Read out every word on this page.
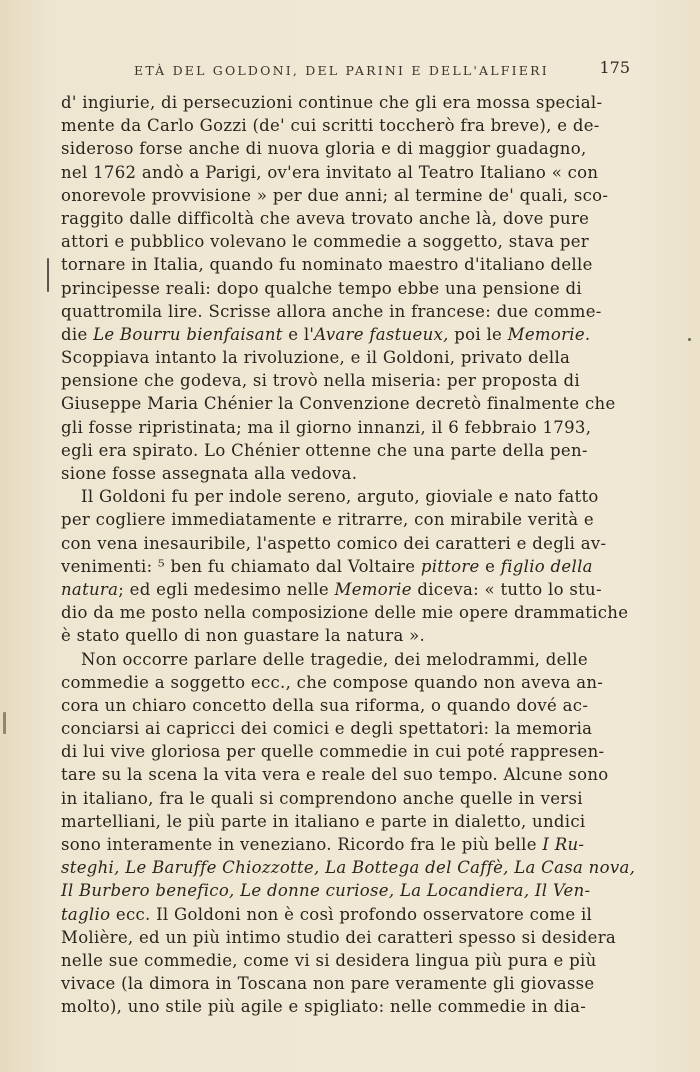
ETÀ DEL GOLDONI, DEL PARINI E DELL'ALFIERI	175
d' ingiurie, di persecuzioni continue che gli era mossa special-
mente da Carlo Gozzi (de' cui scritti toccherò fra breve), e de-
sideroso forse anche di nuova gloria e di maggior guadagno,
nel 1762 andò a Parigi, ov'era invitato al Teatro Italiano « con
onorevole provvisione » per due anni; al termine de' quali, sco-
raggito dalle difficoltà che aveva trovato anche là, dove pure
attori e pubblico volevano le commedie a soggetto, stava per
tornare in Italia, quando fu nominato maestro d'italiano delle
principesse reali: dopo qualche tempo ebbe una pensione di
quattromila lire. Scrisse allora anche in francese: due comme-
die Le Bourru bienfaisant e l'Avare fastueux, poi le Memorie.
Scoppiava intanto la rivoluzione, e il Goldoni, privato della
pensione che godeva, si trovò nella miseria: per proposta di
Giuseppe Maria Chénier la Convenzione decretò finalmente che
gli fosse ripristinata; ma il giorno innanzi, il 6 febbraio 1793,
egli era spirato. Lo Chénier ottenne che una parte della pen-
sione fosse assegnata alla vedova.
Il Goldoni fu per indole sereno, arguto, gioviale e nato fatto
per cogliere immediatamente e ritrarre, con mirabile verità e
con vena inesauribile, l'aspetto comico dei caratteri e degli av-
venimenti: ⁵ ben fu chiamato dal Voltaire pittore e figlio della
natura; ed egli medesimo nelle Memorie diceva: « tutto lo stu-
dio da me posto nella composizione delle mie opere drammatiche
è stato quello di non guastare la natura ».
Non occorre parlare delle tragedie, dei melodrammi, delle
commedie a soggetto ecc., che compose quando non aveva an-
cora un chiaro concetto della sua riforma, o quando dové ac-
conciarsi ai capricci dei comici e degli spettatori: la memoria
di lui vive gloriosa per quelle commedie in cui poté rappresen-
tare su la scena la vita vera e reale del suo tempo. Alcune sono
in italiano, fra le quali si comprendono anche quelle in versi
martelliani, le più parte in italiano e parte in dialetto, undici
sono interamente in veneziano. Ricordo fra le più belle I Ru-
steghi, Le Baruffe Chiozzotte, La Bottega del Caffè, La Casa nova,
Il Burbero benefico, Le donne curiose, La Locandiera, Il Ven-
taglio ecc. Il Goldoni non è così profondo osservatore come il
Molière, ed un più intimo studio dei caratteri spesso si desidera
nelle sue commedie, come vi si desidera lingua più pura e più
vivace (la dimora in Toscana non pare veramente gli giovasse
molto), uno stile più agile e spigliato: nelle commedie in dia-
